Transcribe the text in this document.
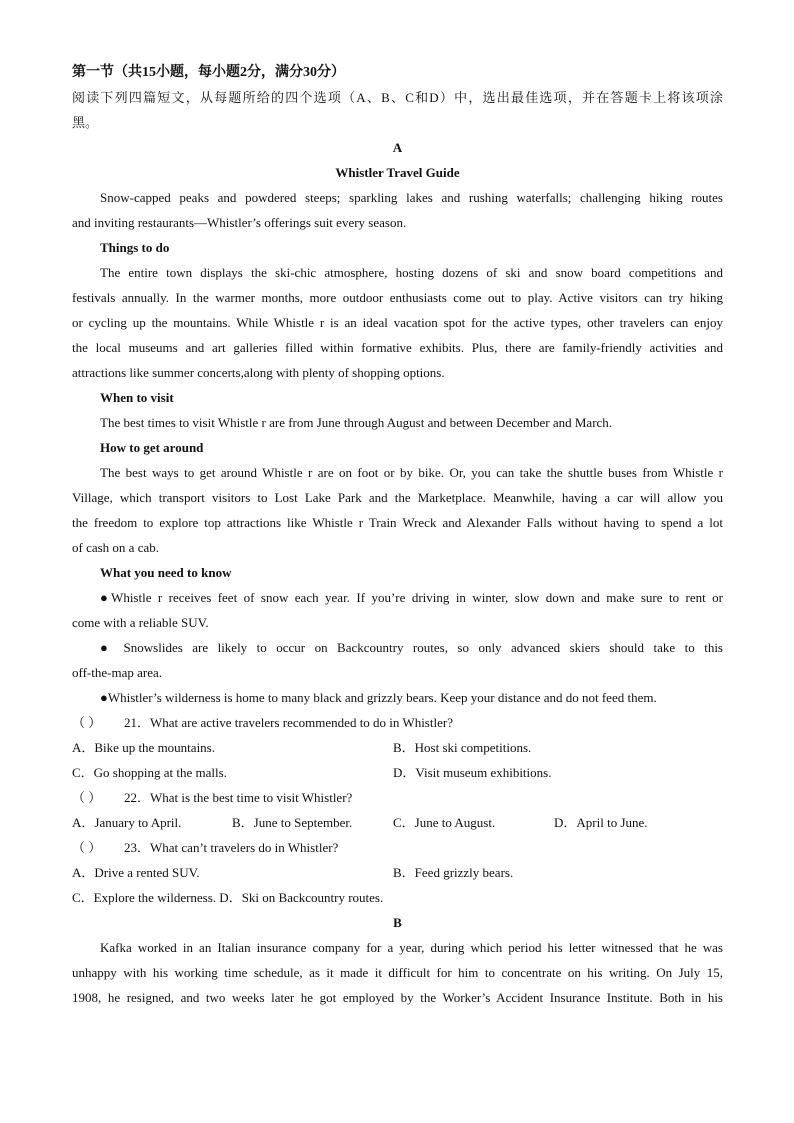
第一节（共15小题，每小题2分，满分30分）
阅读下列四篇短文，从每题所给的四个选项（A、B、C和D）中，选出最佳选项，并在答题卡上将该项涂
黑。
A
Whistler Travel Guide
Snow-capped peaks and powdered steeps; sparkling lakes and rushing waterfalls; challenging hiking routes
and inviting restaurants—Whistler’s offerings suit every season.
Things to do
The entire town displays the ski-chic atmosphere, hosting dozens of ski and snow board competitions and
festivals annually. In the warmer months, more outdoor enthusiasts come out to play. Active visitors can try hiking
or cycling up the mountains. While Whistle r is an ideal vacation spot for the active types, other travelers can enjoy
the local museums and art galleries filled within formative exhibits. Plus, there are family-friendly activities and
attractions like summer concerts,along with plenty of shopping options.
When to visit
The best times to visit Whistle r are from June through August and between December and March.
How to get around
The best ways to get around Whistle r are on foot or by bike. Or, you can take the shuttle buses from Whistle r
Village, which transport visitors to Lost Lake Park and the Marketplace. Meanwhile, having a car will allow you
the freedom to explore top attractions like Whistle r Train Wreck and Alexander Falls without having to spend a lot
of cash on a cab.
What you need to know
●Whistle r receives feet of snow each year. If you’re driving in winter, slow down and make sure to rent or
come with a reliable SUV.
● Snowslides are likely to occur on Backcountry routes, so only advanced skiers should take to this
off-the-map area.
●Whistler’s wilderness is home to many black and grizzly bears. Keep your distance and do not feed them.
（ ） 21．What are active travelers recommended to do in Whistler?
A．Bike up the mountains.	B．Host ski competitions.
C．Go shopping at the malls.	D．Visit museum exhibitions.
（ ） 22．What is the best time to visit Whistler?
A．January to April.	B．June to September.	C．June to August.	D．April to June.
（ ） 23．What can’t travelers do in Whistler?
A．Drive a rented SUV.	B．Feed grizzly bears.
C．Explore the wilderness. D．Ski on Backcountry routes.
B
Kafka worked in an Italian insurance company for a year, during which period his letter witnessed that he was
unhappy with his working time schedule, as it made it difficult for him to concentrate on his writing. On July 15,
1908, he resigned, and two weeks later he got employed by the Worker’s Accident Insurance Institute. Both in his
